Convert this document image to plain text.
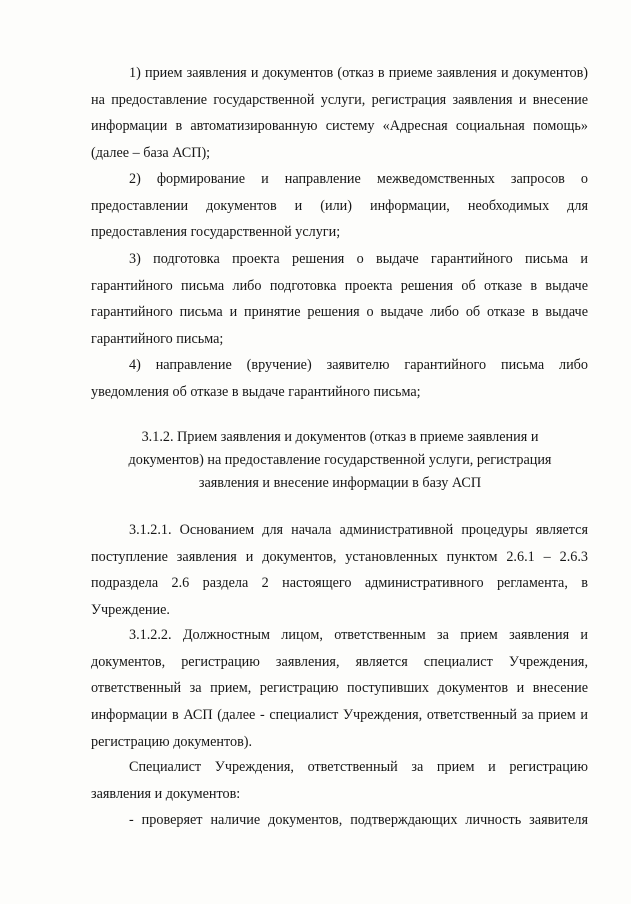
1) прием заявления и документов (отказ в приеме заявления и документов) на предоставление государственной услуги, регистрация заявления и внесение информации в автоматизированную систему «Адресная социальная помощь» (далее – база АСП);

2) формирование и направление межведомственных запросов о предоставлении документов и (или) информации, необходимых для предоставления государственной услуги;

3) подготовка проекта решения о выдаче гарантийного письма и гарантийного письма либо подготовка проекта решения об отказе в выдаче гарантийного письма и принятие решения о выдаче либо об отказе в выдаче гарантийного письма;

4) направление (вручение) заявителю гарантийного письма либо уведомления об отказе в выдаче гарантийного письма;

3.1.2. Прием заявления и документов (отказ в приеме заявления и документов) на предоставление государственной услуги, регистрация заявления и внесение информации в базу АСП

3.1.2.1. Основанием для начала административной процедуры является поступление заявления и документов, установленных пунктом 2.6.1 – 2.6.3 подраздела 2.6 раздела 2 настоящего административного регламента, в Учреждение.

3.1.2.2. Должностным лицом, ответственным за прием заявления и документов, регистрацию заявления, является специалист Учреждения, ответственный за прием, регистрацию поступивших документов и внесение информации в АСП (далее - специалист Учреждения, ответственный за прием и регистрацию документов).

Специалист Учреждения, ответственный за прием и регистрацию заявления и документов:

- проверяет наличие документов, подтверждающих личность заявителя
